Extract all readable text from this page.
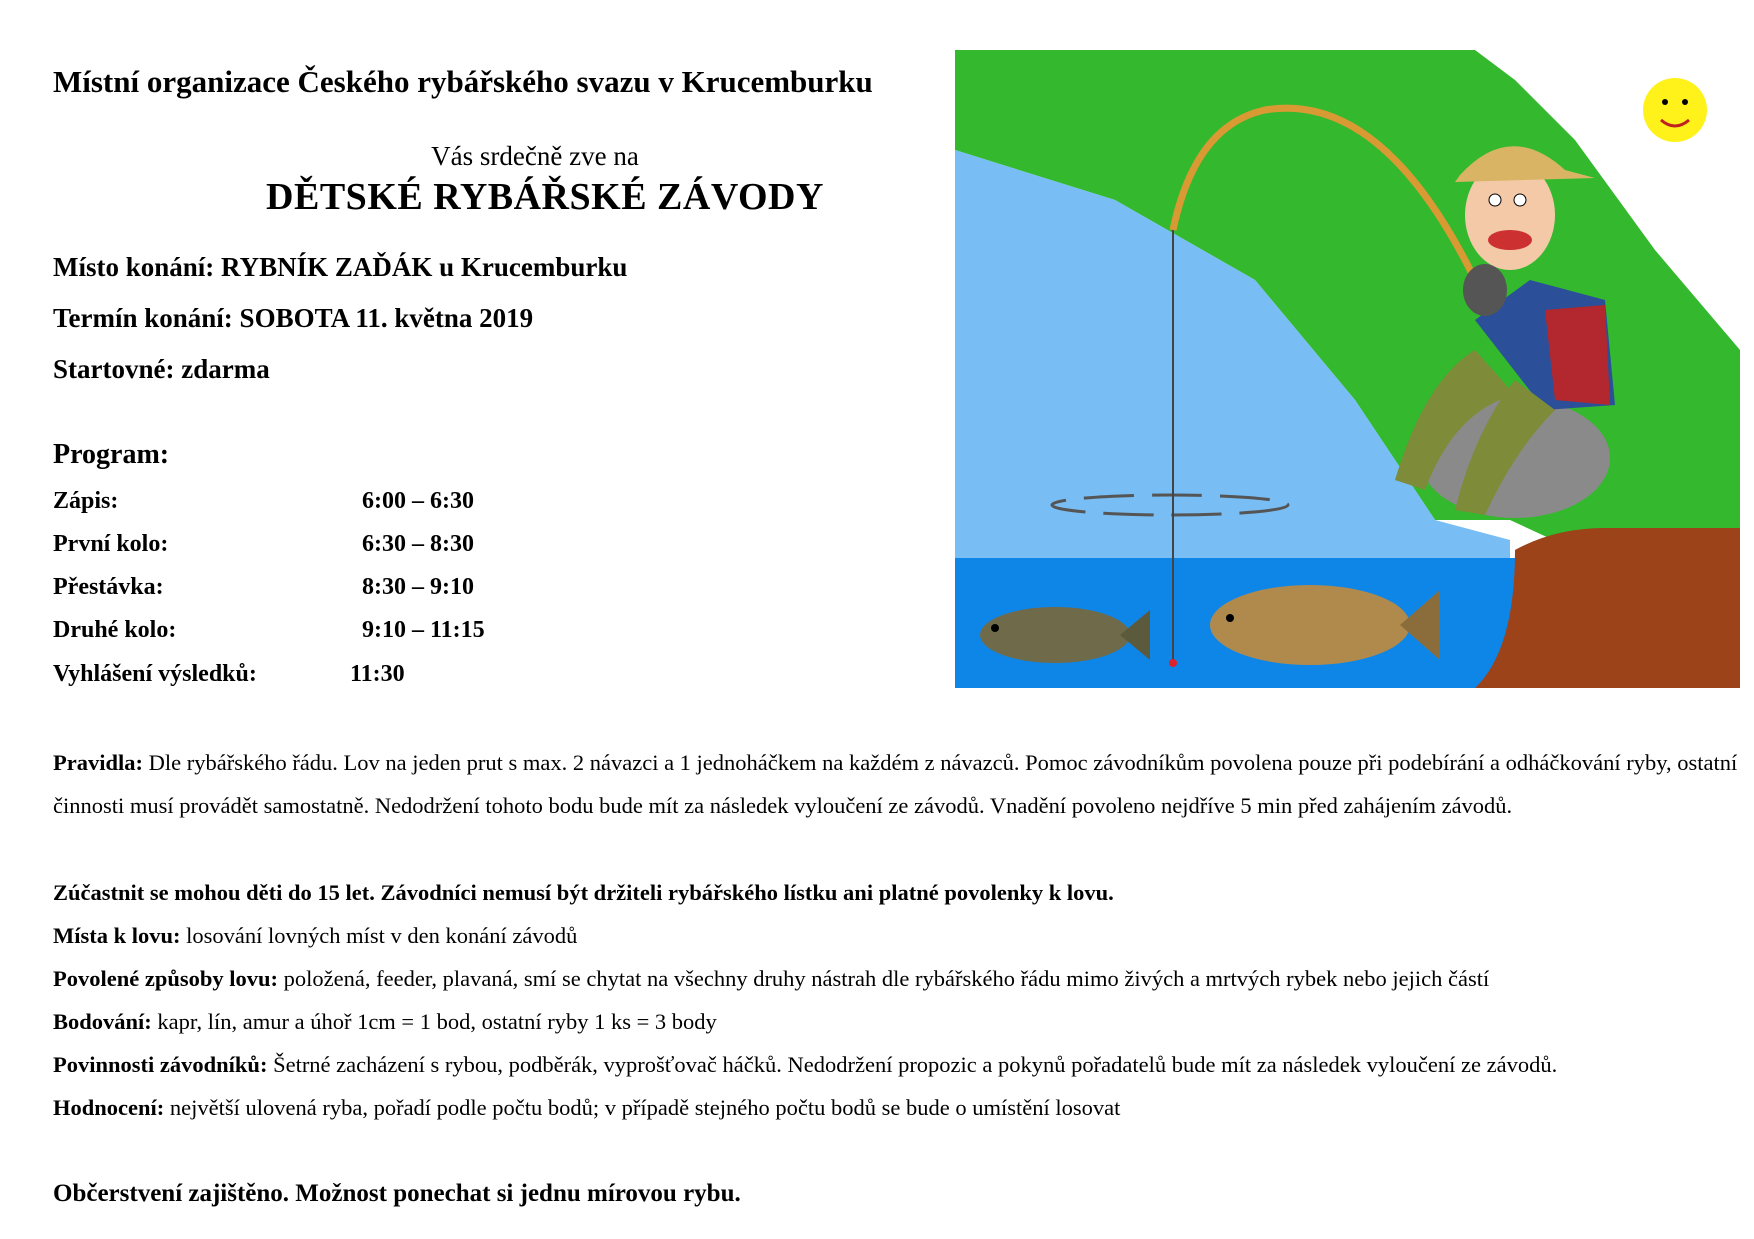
Místní organizace Českého rybářského svazu v Krucemburku
Vás srdečně zve na
DĚTSKÉ RYBÁŘSKÉ ZÁVODY
Místo konání: RYBNÍK ZAĎÁK u Krucemburku
Termín konání: SOBOTA 11. května 2019
Startovné: zdarma
Program:
Zápis:	6:00 – 6:30
První kolo:	6:30 – 8:30
Přestávka:	8:30 – 9:10
Druhé kolo:	9:10 – 11:15
Vyhlášení výsledků:	11:30
Pravidla: Dle rybářského řádu. Lov na jeden prut s max. 2 návazci a 1 jednoháčkem na každém z návazců. Pomoc závodníkům povolena pouze při podebírání a odháčkování ryby, ostatní činnosti musí provádět samostatně. Nedodržení tohoto bodu bude mít za následek vyloučení ze závodů. Vnadění povoleno nejdříve 5 min před zahájením závodů.
Zúčastnit se mohou děti do 15 let. Závodníci nemusí být držiteli rybářského lístku ani platné povolenky k lovu.
Místa k lovu: losování lovných míst v den konání závodů
Povolené způsoby lovu: položená, feeder, plavaná, smí se chytat na všechny druhy nástrah dle rybářského řádu mimo živých a mrtvých rybek nebo jejich částí
Bodování: kapr, lín, amur a úhoř 1cm = 1 bod, ostatní ryby 1 ks = 3 body
Povinnosti závodníků: Šetrné zacházení s rybou, podběrák, vyprošťovač háčků. Nedodržení propozic a pokynů pořadatelů bude mít za následek vyloučení ze závodů.
Hodnocení: největší ulovená ryba, pořadí podle počtu bodů; v případě stejného počtu bodů se bude o umístění losovat
Občerstvení zajištěno. Možnost ponechat si jednu mírovou rybu.
